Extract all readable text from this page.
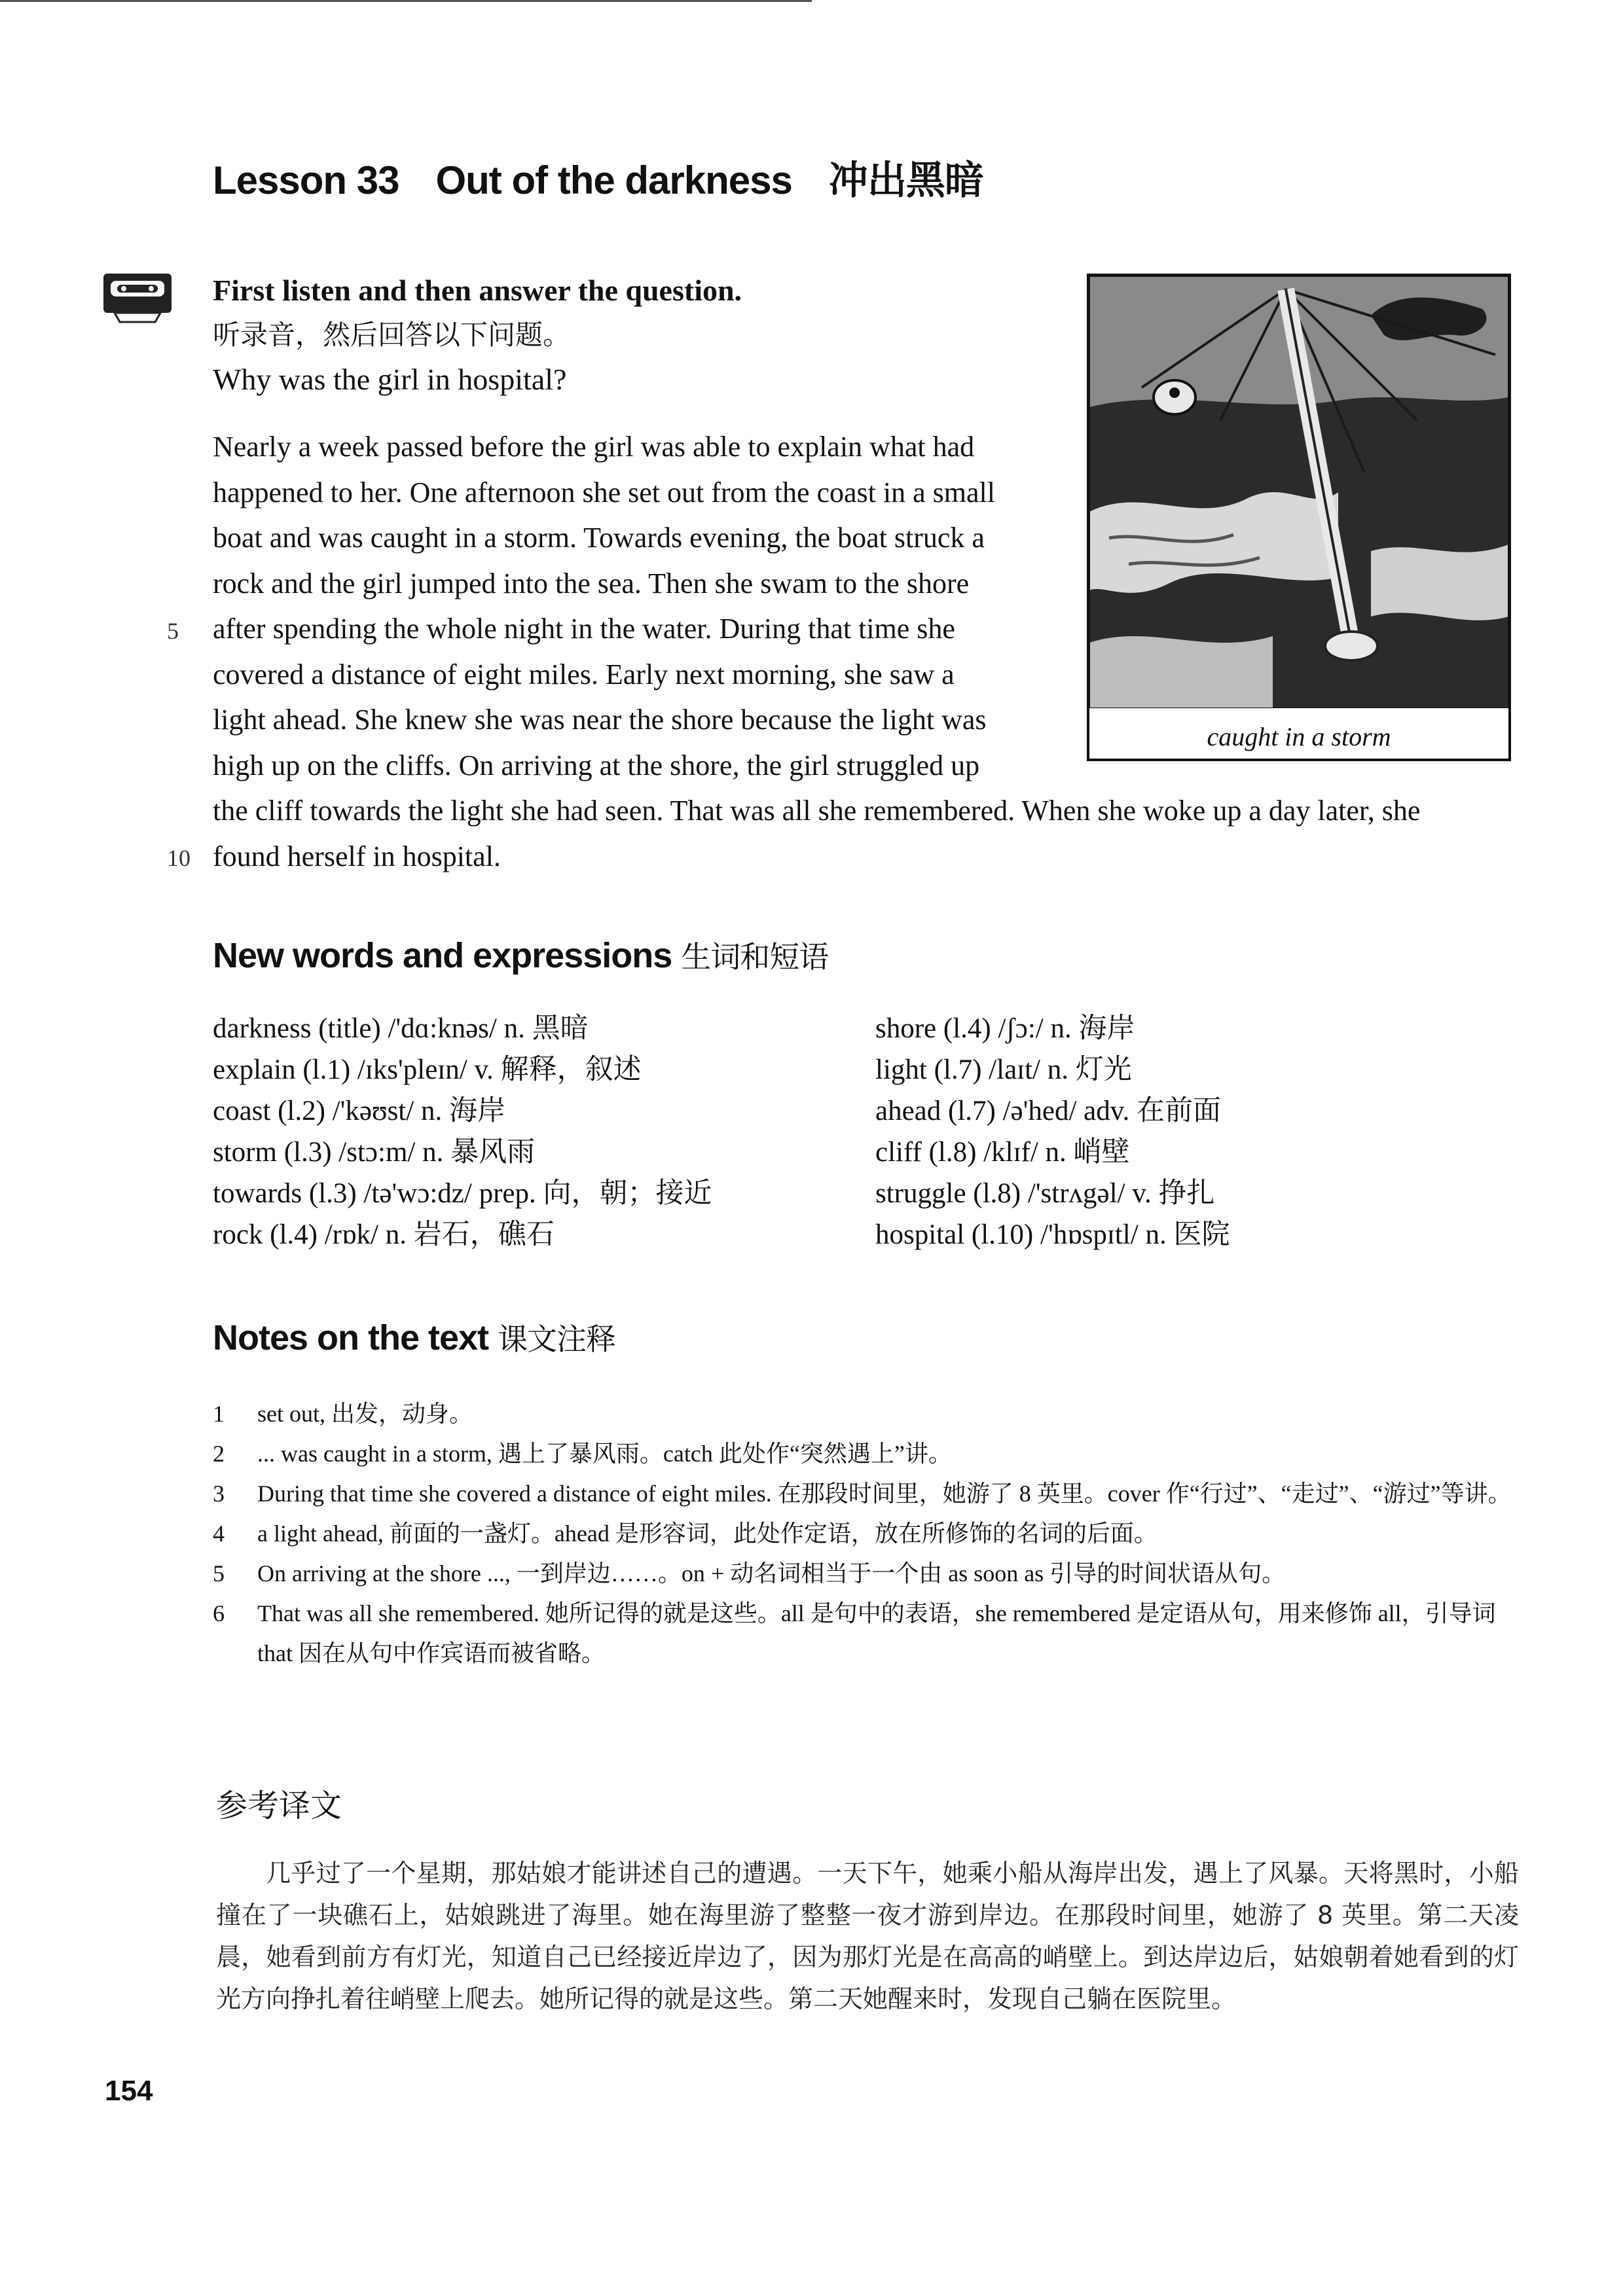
Lesson 33 Out of the darkness 冲出黑暗
First listen and then answer the question.
听录音，然后回答以下问题。
Why was the girl in hospital?

Nearly a week passed before the girl was able to explain what had

happened to her. One afternoon she set out from the coast in a small

boat and was caught in a storm. Towards evening, the boat struck a

rock and the girl jumped into the sea. Then she swam to the shore

after spending the whole night in the water. During that time she

covered a distance of eight miles. Early next morning, she saw a

light ahead. She knew she was near the shore because the light was

high up on the cliffs. On arriving at the shore, the girl struggled up

the cliff towards the light she had seen. That was all she remembered. When she woke up a day later, she

found herself in hospital.

5
10
caught in a storm
New words and expressions 生词和短语
darkness (title) /'dɑ:knəs/ n. 黑暗
explain (l.1) /ɪks'pleɪn/ v. 解释，叙述
coast (l.2) /'kəʊst/ n. 海岸
storm (l.3) /stɔ:m/ n. 暴风雨
towards (l.3) /tə'wɔ:dz/ prep. 向，朝；接近
rock (l.4) /rɒk/ n. 岩石，礁石
shore (l.4) /ʃɔ:/ n. 海岸
light (l.7) /laɪt/ n. 灯光
ahead (l.7) /ə'hed/ adv. 在前面
cliff (l.8) /klɪf/ n. 峭壁
struggle (l.8) /'strʌgəl/ v. 挣扎
hospital (l.10) /'hɒspɪtl/ n. 医院
Notes on the text 课文注释
1 set out, 出发，动身。
2 ... was caught in a storm, 遇上了暴风雨。catch 此处作“突然遇上”讲。
3 During that time she covered a distance of eight miles. 在那段时间里，她游了 8 英里。cover 作“行过”、“走过”、“游过”等讲。
4 a light ahead, 前面的一盏灯。ahead 是形容词，此处作定语，放在所修饰的名词的后面。
5 On arriving at the shore ..., 一到岸边……。on + 动名词相当于一个由 as soon as 引导的时间状语从句。
6 That was all she remembered. 她所记得的就是这些。all 是句中的表语，she remembered 是定语从句，用来修饰 all，引导词 that 因在从句中作宾语而被省略。
参考译文
几乎过了一个星期，那姑娘才能讲述自己的遭遇。一天下午，她乘小船从海岸出发，遇上了风暴。天将黑时，小船撞在了一块礁石上，姑娘跳进了海里。她在海里游了整整一夜才游到岸边。在那段时间里，她游了 8 英里。第二天凌晨，她看到前方有灯光，知道自己已经接近岸边了，因为那灯光是在高高的峭壁上。到达岸边后，姑娘朝着她看到的灯光方向挣扎着往峭壁上爬去。她所记得的就是这些。第二天她醒来时，发现自己躺在医院里。
154
